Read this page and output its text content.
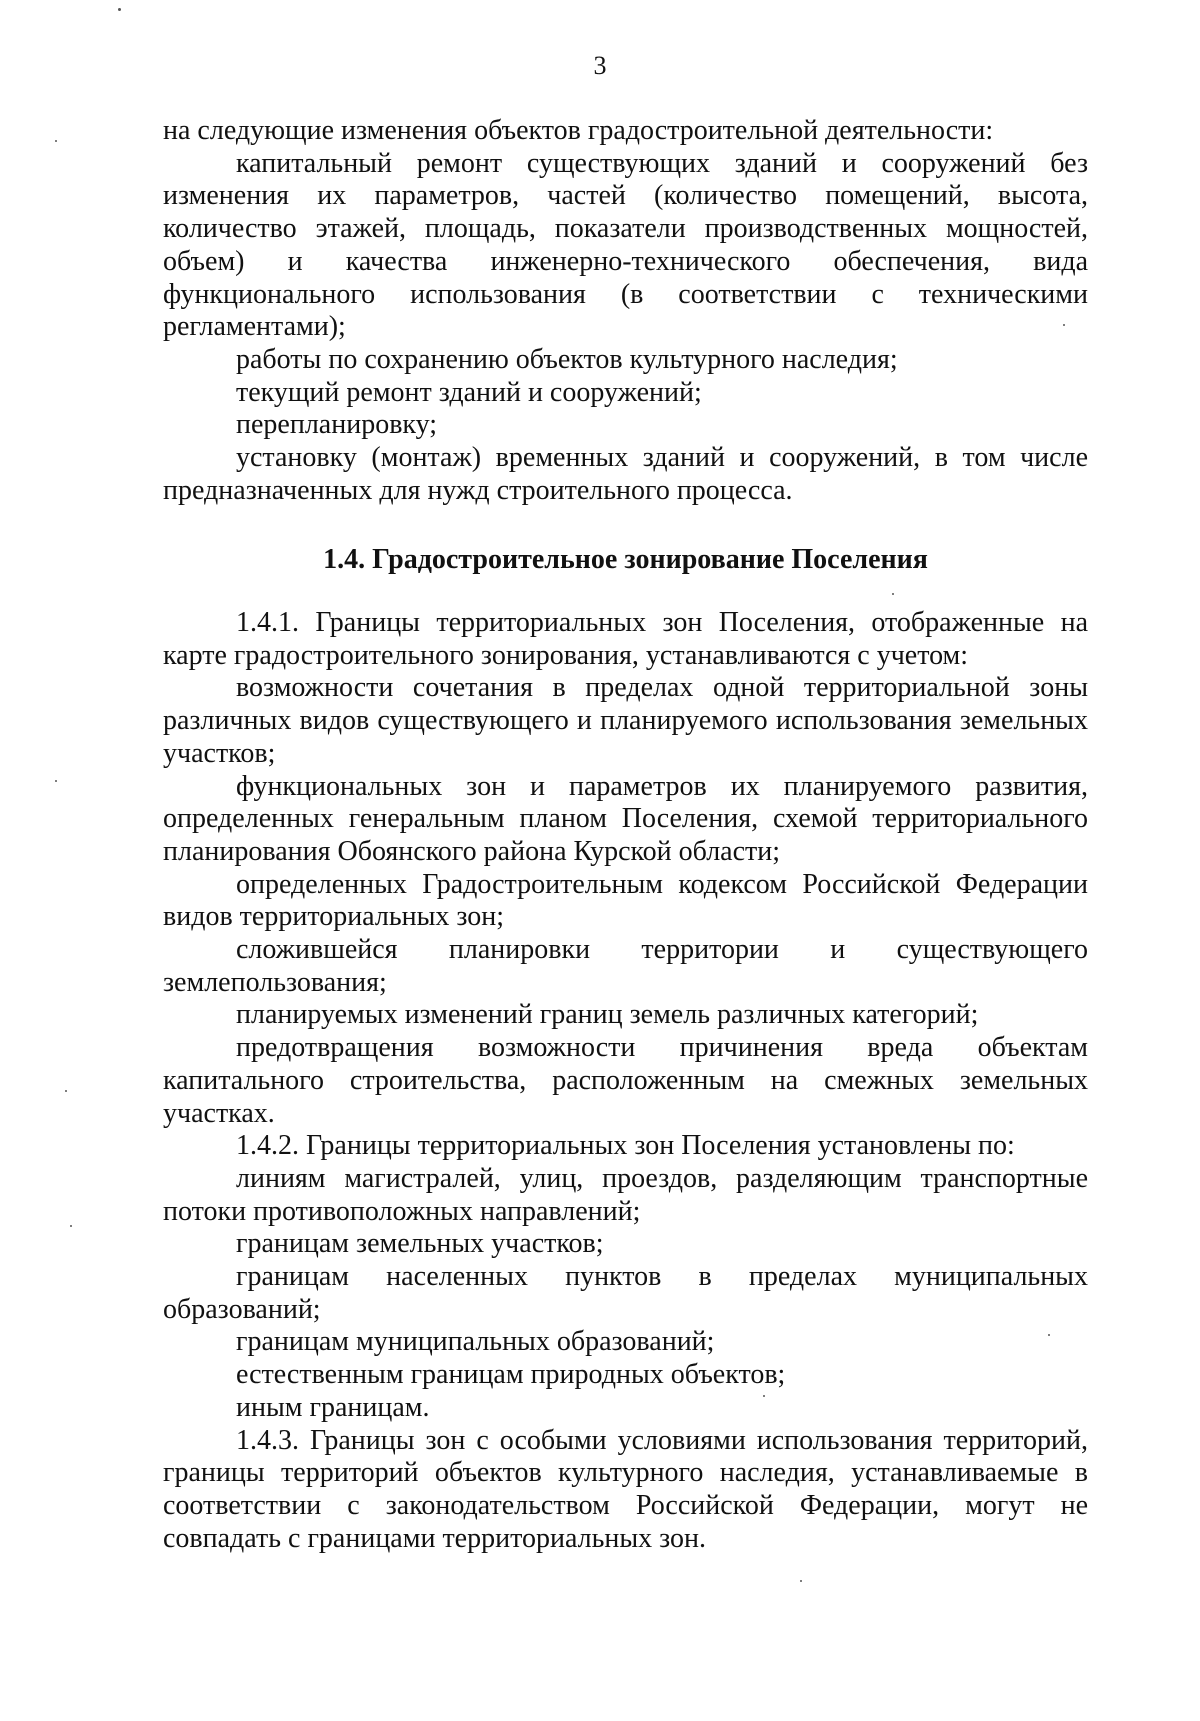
3

на следующие изменения объектов градостроительной деятельности:

капитальный ремонт существующих зданий и сооружений без изменения их параметров, частей (количество помещений, высота, количество этажей, площадь, показатели производственных мощностей, объем) и качества инженерно-технического обеспечения, вида функционального использования (в соответствии с техническими регламентами);

работы по сохранению объектов культурного наследия;

текущий ремонт зданий и сооружений;

перепланировку;

установку (монтаж) временных зданий и сооружений, в том числе предназначенных для нужд строительного процесса.

1.4. Градостроительное зонирование Поселения

1.4.1. Границы территориальных зон Поселения, отображенные на карте градостроительного зонирования, устанавливаются с учетом:

возможности сочетания в пределах одной территориальной зоны различных видов существующего и планируемого использования земельных участков;

функциональных зон и параметров их планируемого развития, определенных генеральным планом Поселения, схемой территориального планирования Обоянского района Курской области;

определенных Градостроительным кодексом Российской Федерации видов территориальных зон;

сложившейся планировки территории и существующего землепользования;

планируемых изменений границ земель различных категорий;

предотвращения возможности причинения вреда объектам капитального строительства, расположенным на смежных земельных участках.

1.4.2. Границы территориальных зон Поселения установлены по:

линиям магистралей, улиц, проездов, разделяющим транспортные потоки противоположных направлений;

границам земельных участков;

границам населенных пунктов в пределах муниципальных образований;

границам муниципальных образований;

естественным границам природных объектов;

иным границам.

1.4.3. Границы зон с особыми условиями использования территорий, границы территорий объектов культурного наследия, устанавливаемые в соответствии с законодательством Российской Федерации, могут не совпадать с границами территориальных зон.
